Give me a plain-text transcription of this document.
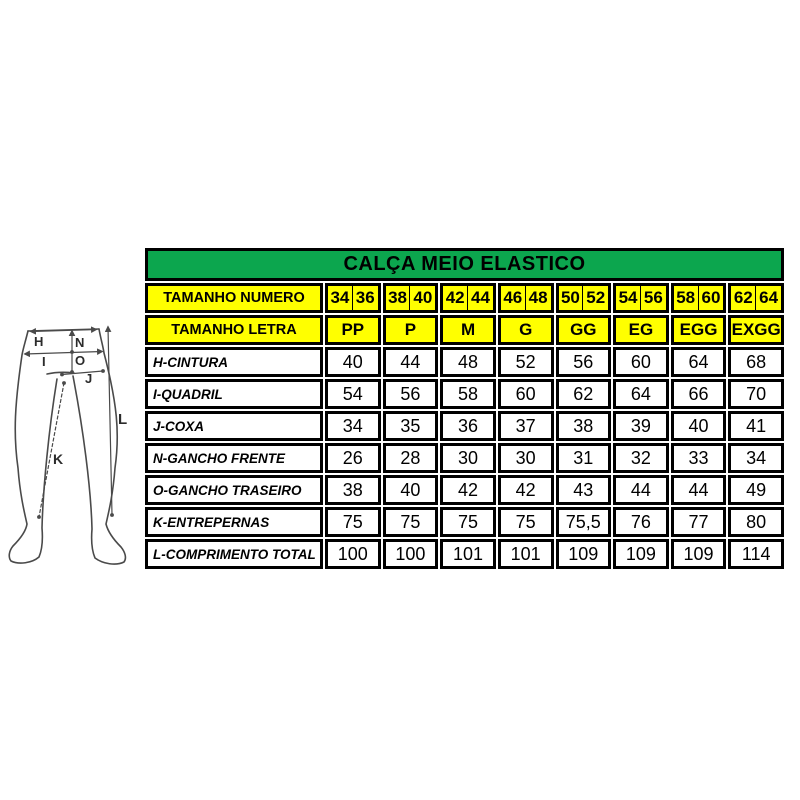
H N
I O
J
K
L
CALÇA MEIO ELASTICO								
TAMANHO NUMERO	34 36	38 40	42 44	46 48	50 52	54 56	58 60	62 64
TAMANHO LETRA	PP	P	M	G	GG	EG	EGG	EXGG
H-CINTURA	40	44	48	52	56	60	64	68
I-QUADRIL	54	56	58	60	62	64	66	70
J-COXA	34	35	36	37	38	39	40	41
N-GANCHO FRENTE	26	28	30	30	31	32	33	34
O-GANCHO TRASEIRO	38	40	42	42	43	44	44	49
K-ENTREPERNAS	75	75	75	75	75,5	76	77	80
L-COMPRIMENTO TOTAL	100	100	101	101	109	109	109	114
